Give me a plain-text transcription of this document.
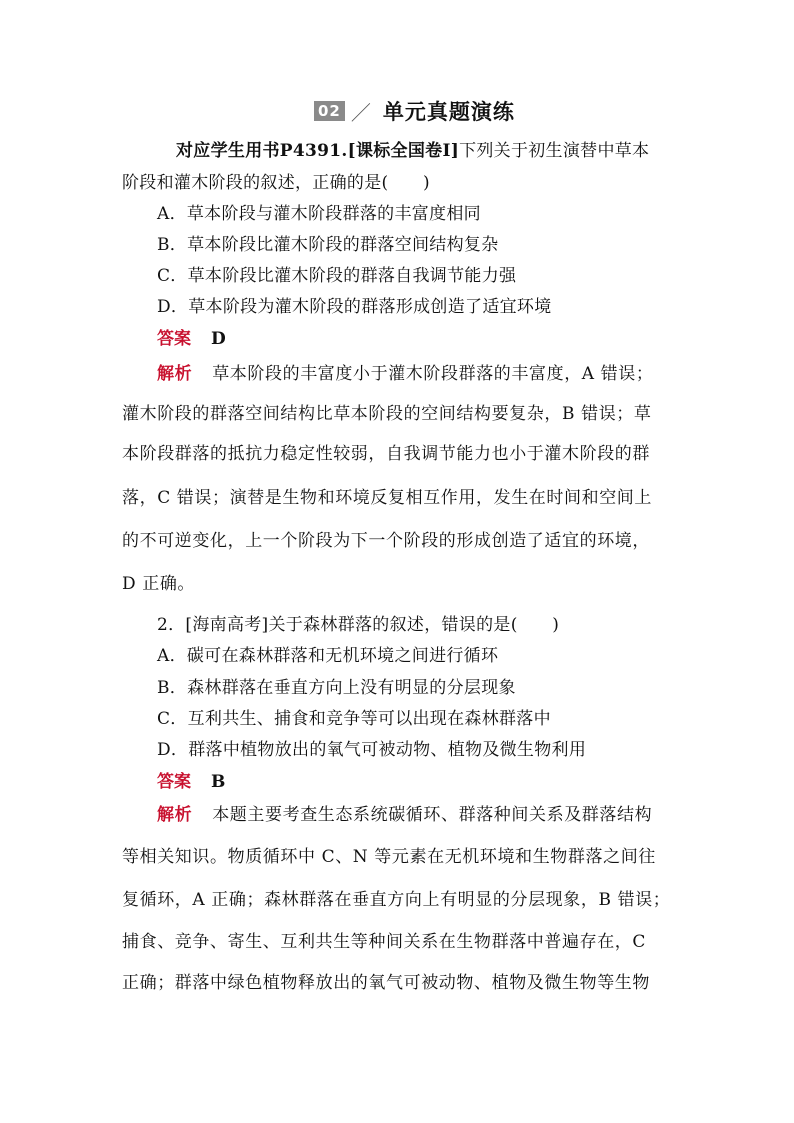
02 ／ 单元真题演练
对应学生用书P4391.[课标全国卷Ⅰ]下列关于初生演替中草本
阶段和灌木阶段的叙述，正确的是(　　)
A．草本阶段与灌木阶段群落的丰富度相同
B．草本阶段比灌木阶段的群落空间结构复杂
C．草本阶段比灌木阶段的群落自我调节能力强
D．草本阶段为灌木阶段的群落形成创造了适宜环境
答案 D
解析 草本阶段的丰富度小于灌木阶段群落的丰富度，A 错误；
灌木阶段的群落空间结构比草本阶段的空间结构要复杂，B 错误；草
本阶段群落的抵抗力稳定性较弱，自我调节能力也小于灌木阶段的群
落，C 错误；演替是生物和环境反复相互作用，发生在时间和空间上
的不可逆变化，上一个阶段为下一个阶段的形成创造了适宜的环境，
D 正确。
2．[海南高考]关于森林群落的叙述，错误的是(　　)
A．碳可在森林群落和无机环境之间进行循环
B．森林群落在垂直方向上没有明显的分层现象
C．互利共生、捕食和竞争等可以出现在森林群落中
D．群落中植物放出的氧气可被动物、植物及微生物利用
答案 B
解析 本题主要考查生态系统碳循环、群落种间关系及群落结构
等相关知识。物质循环中 C、N 等元素在无机环境和生物群落之间往
复循环，A 正确；森林群落在垂直方向上有明显的分层现象，B 错误；
捕食、竞争、寄生、互利共生等种间关系在生物群落中普遍存在，C
正确；群落中绿色植物释放出的氧气可被动物、植物及微生物等生物
